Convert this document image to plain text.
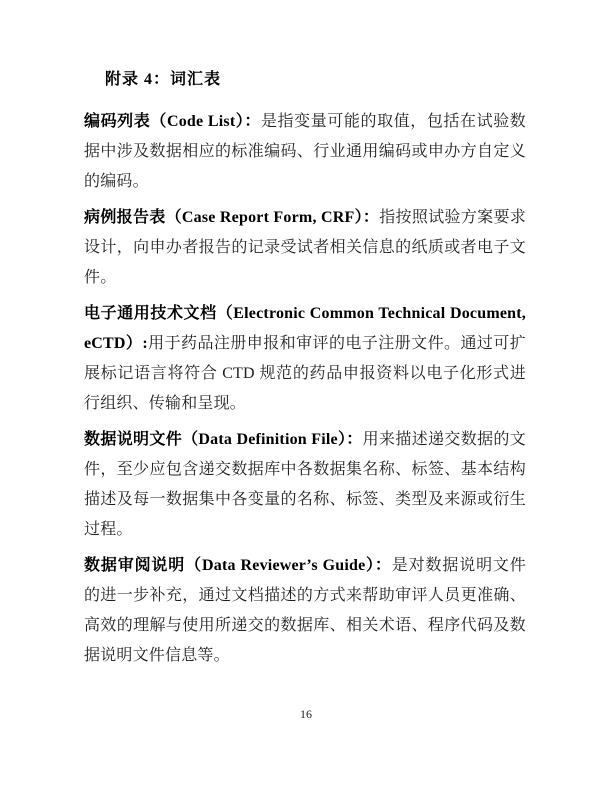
附录 4：词汇表

编码列表（Code List）：是指变量可能的取值，包括在试验数据中涉及数据相应的标准编码、行业通用编码或申办方自定义的编码。

病例报告表（Case Report Form, CRF）：指按照试验方案要求设计，向申办者报告的记录受试者相关信息的纸质或者电子文件。

电子通用技术文档（Electronic Common Technical Document, eCTD）:用于药品注册申报和审评的电子注册文件。通过可扩展标记语言将符合 CTD 规范的药品申报资料以电子化形式进行组织、传输和呈现。

数据说明文件（Data Definition File）：用来描述递交数据的文件，至少应包含递交数据库中各数据集名称、标签、基本结构描述及每一数据集中各变量的名称、标签、类型及来源或衍生过程。

数据审阅说明（Data Reviewer’s Guide）：是对数据说明文件的进一步补充，通过文档描述的方式来帮助审评人员更准确、高效的理解与使用所递交的数据库、相关术语、程序代码及数据说明文件信息等。

16
